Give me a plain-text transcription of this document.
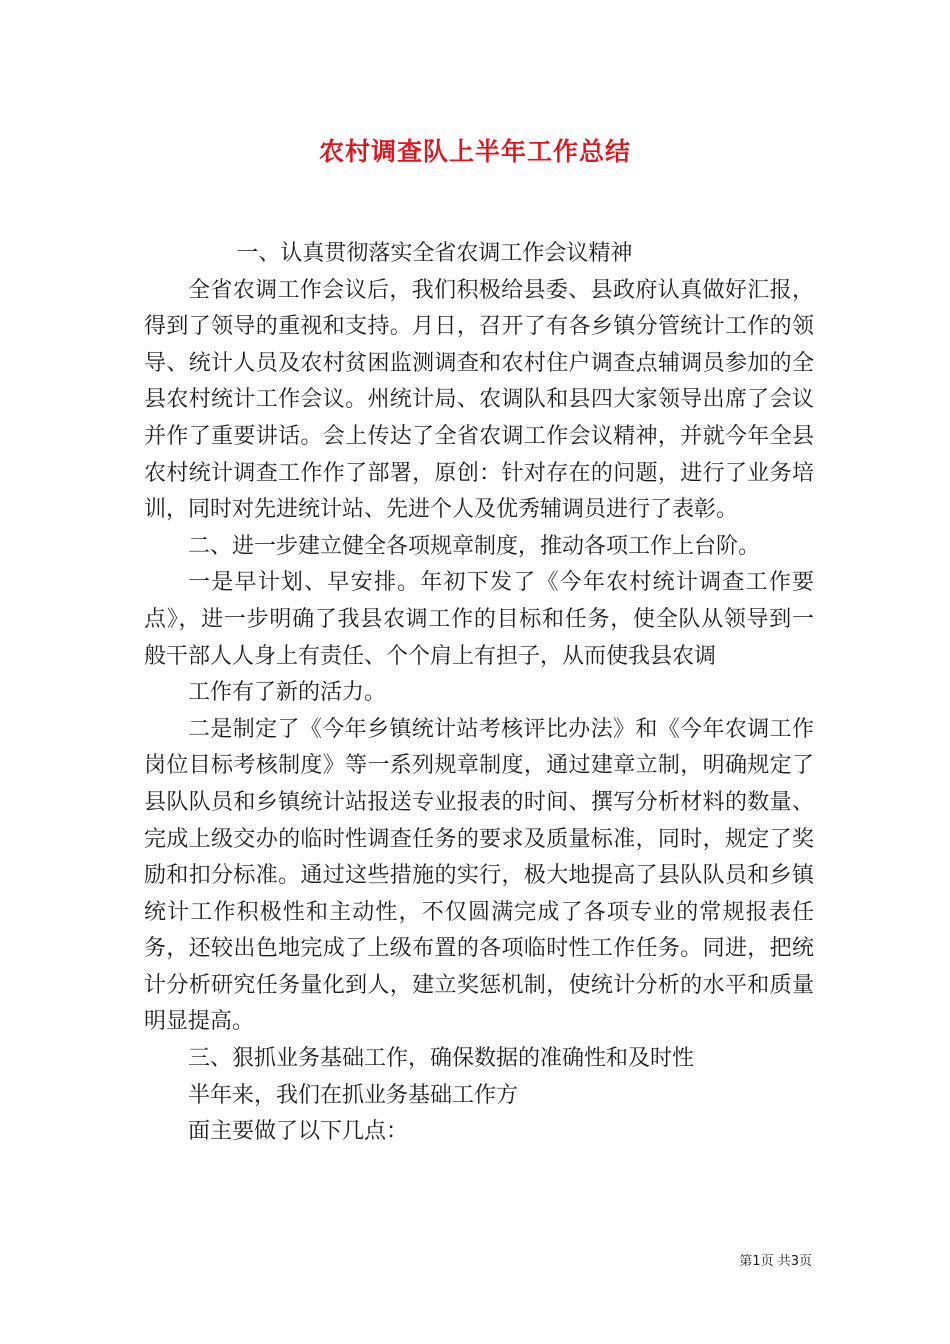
农村调查队上半年工作总结

一、认真贯彻落实全省农调工作会议精神

全省农调工作会议后，我们积极给县委、县政府认真做好汇报，得到了领导的重视和支持。月日，召开了有各乡镇分管统计工作的领导、统计人员及农村贫困监测调查和农村住户调查点辅调员参加的全县农村统计工作会议。州统计局、农调队和县四大家领导出席了会议并作了重要讲话。会上传达了全省农调工作会议精神，并就今年全县农村统计调查工作作了部署，原创：针对存在的问题，进行了业务培训，同时对先进统计站、先进个人及优秀辅调员进行了表彰。

二、进一步建立健全各项规章制度，推动各项工作上台阶。

一是早计划、早安排。年初下发了《今年农村统计调查工作要点》，进一步明确了我县农调工作的目标和任务，使全队从领导到一般干部人人身上有责任、个个肩上有担子，从而使我县农调

工作有了新的活力。

二是制定了《今年乡镇统计站考核评比办法》和《今年农调工作岗位目标考核制度》等一系列规章制度，通过建章立制，明确规定了县队队员和乡镇统计站报送专业报表的时间、撰写分析材料的数量、完成上级交办的临时性调查任务的要求及质量标准，同时，规定了奖励和扣分标准。通过这些措施的实行，极大地提高了县队队员和乡镇统计工作积极性和主动性，不仅圆满完成了各项专业的常规报表任务，还较出色地完成了上级布置的各项临时性工作任务。同进，把统计分析研究任务量化到人，建立奖惩机制，使统计分析的水平和质量明显提高。

三、狠抓业务基础工作，确保数据的准确性和及时性

半年来，我们在抓业务基础工作方

面主要做了以下几点：

第1页 共3页
